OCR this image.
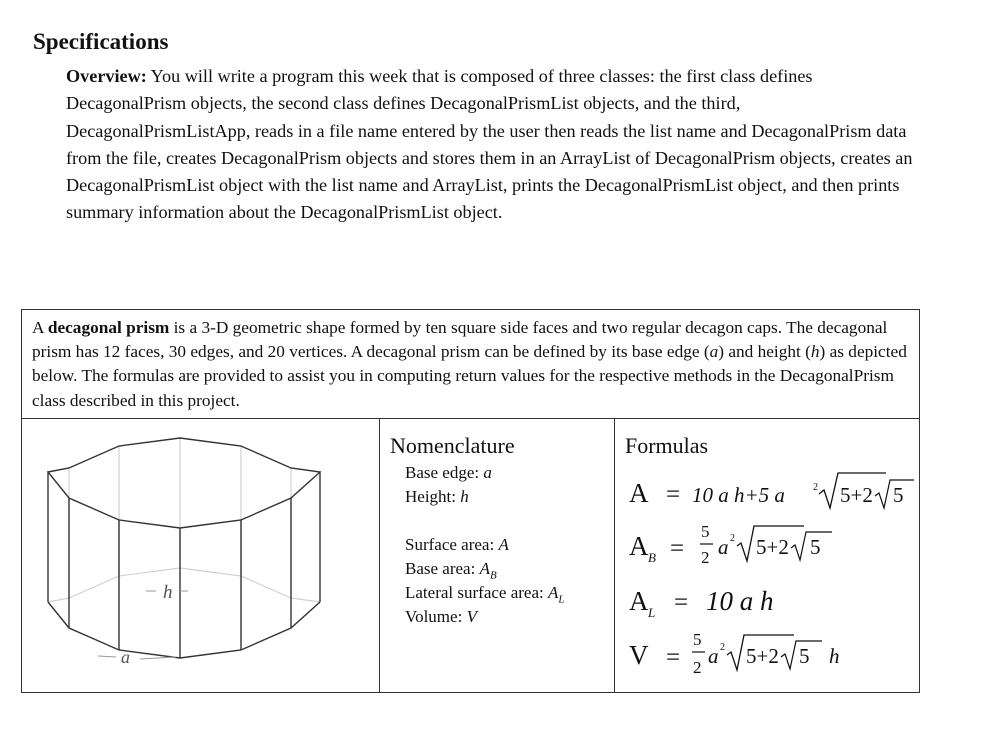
Specifications
Overview: You will write a program this week that is composed of three classes: the first class defines DecagonalPrism objects, the second class defines DecagonalPrismList objects, and the third, DecagonalPrismListApp, reads in a file name entered by the user then reads the list name and DecagonalPrism data from the file, creates DecagonalPrism objects and stores them in an ArrayList of DecagonalPrism objects, creates an DecagonalPrismList object with the list name and ArrayList, prints the DecagonalPrismList object, and then prints summary information about the DecagonalPrismList object.
A decagonal prism is a 3-D geometric shape formed by ten square side faces and two regular decagon caps. The decagonal prism has 12 faces, 30 edges, and 20 vertices. A decagonal prism can be defined by its base edge (a) and height (h) as depicted below. The formulas are provided to assist you in computing return values for the respective methods in the DecagonalPrism class described in this project.
Nomenclature	Formulas
Base edge: a
Height: h
Surface area: A
Base area: $A_B$
Lateral surface area: $A_L$
Volume: V
h
a
A = 10 a h+5 a	2 5+2 5
A B =
5
2 a 2 5+2 5
A L = 10 a h
V =
5
2 a 2 5+2 5 h
